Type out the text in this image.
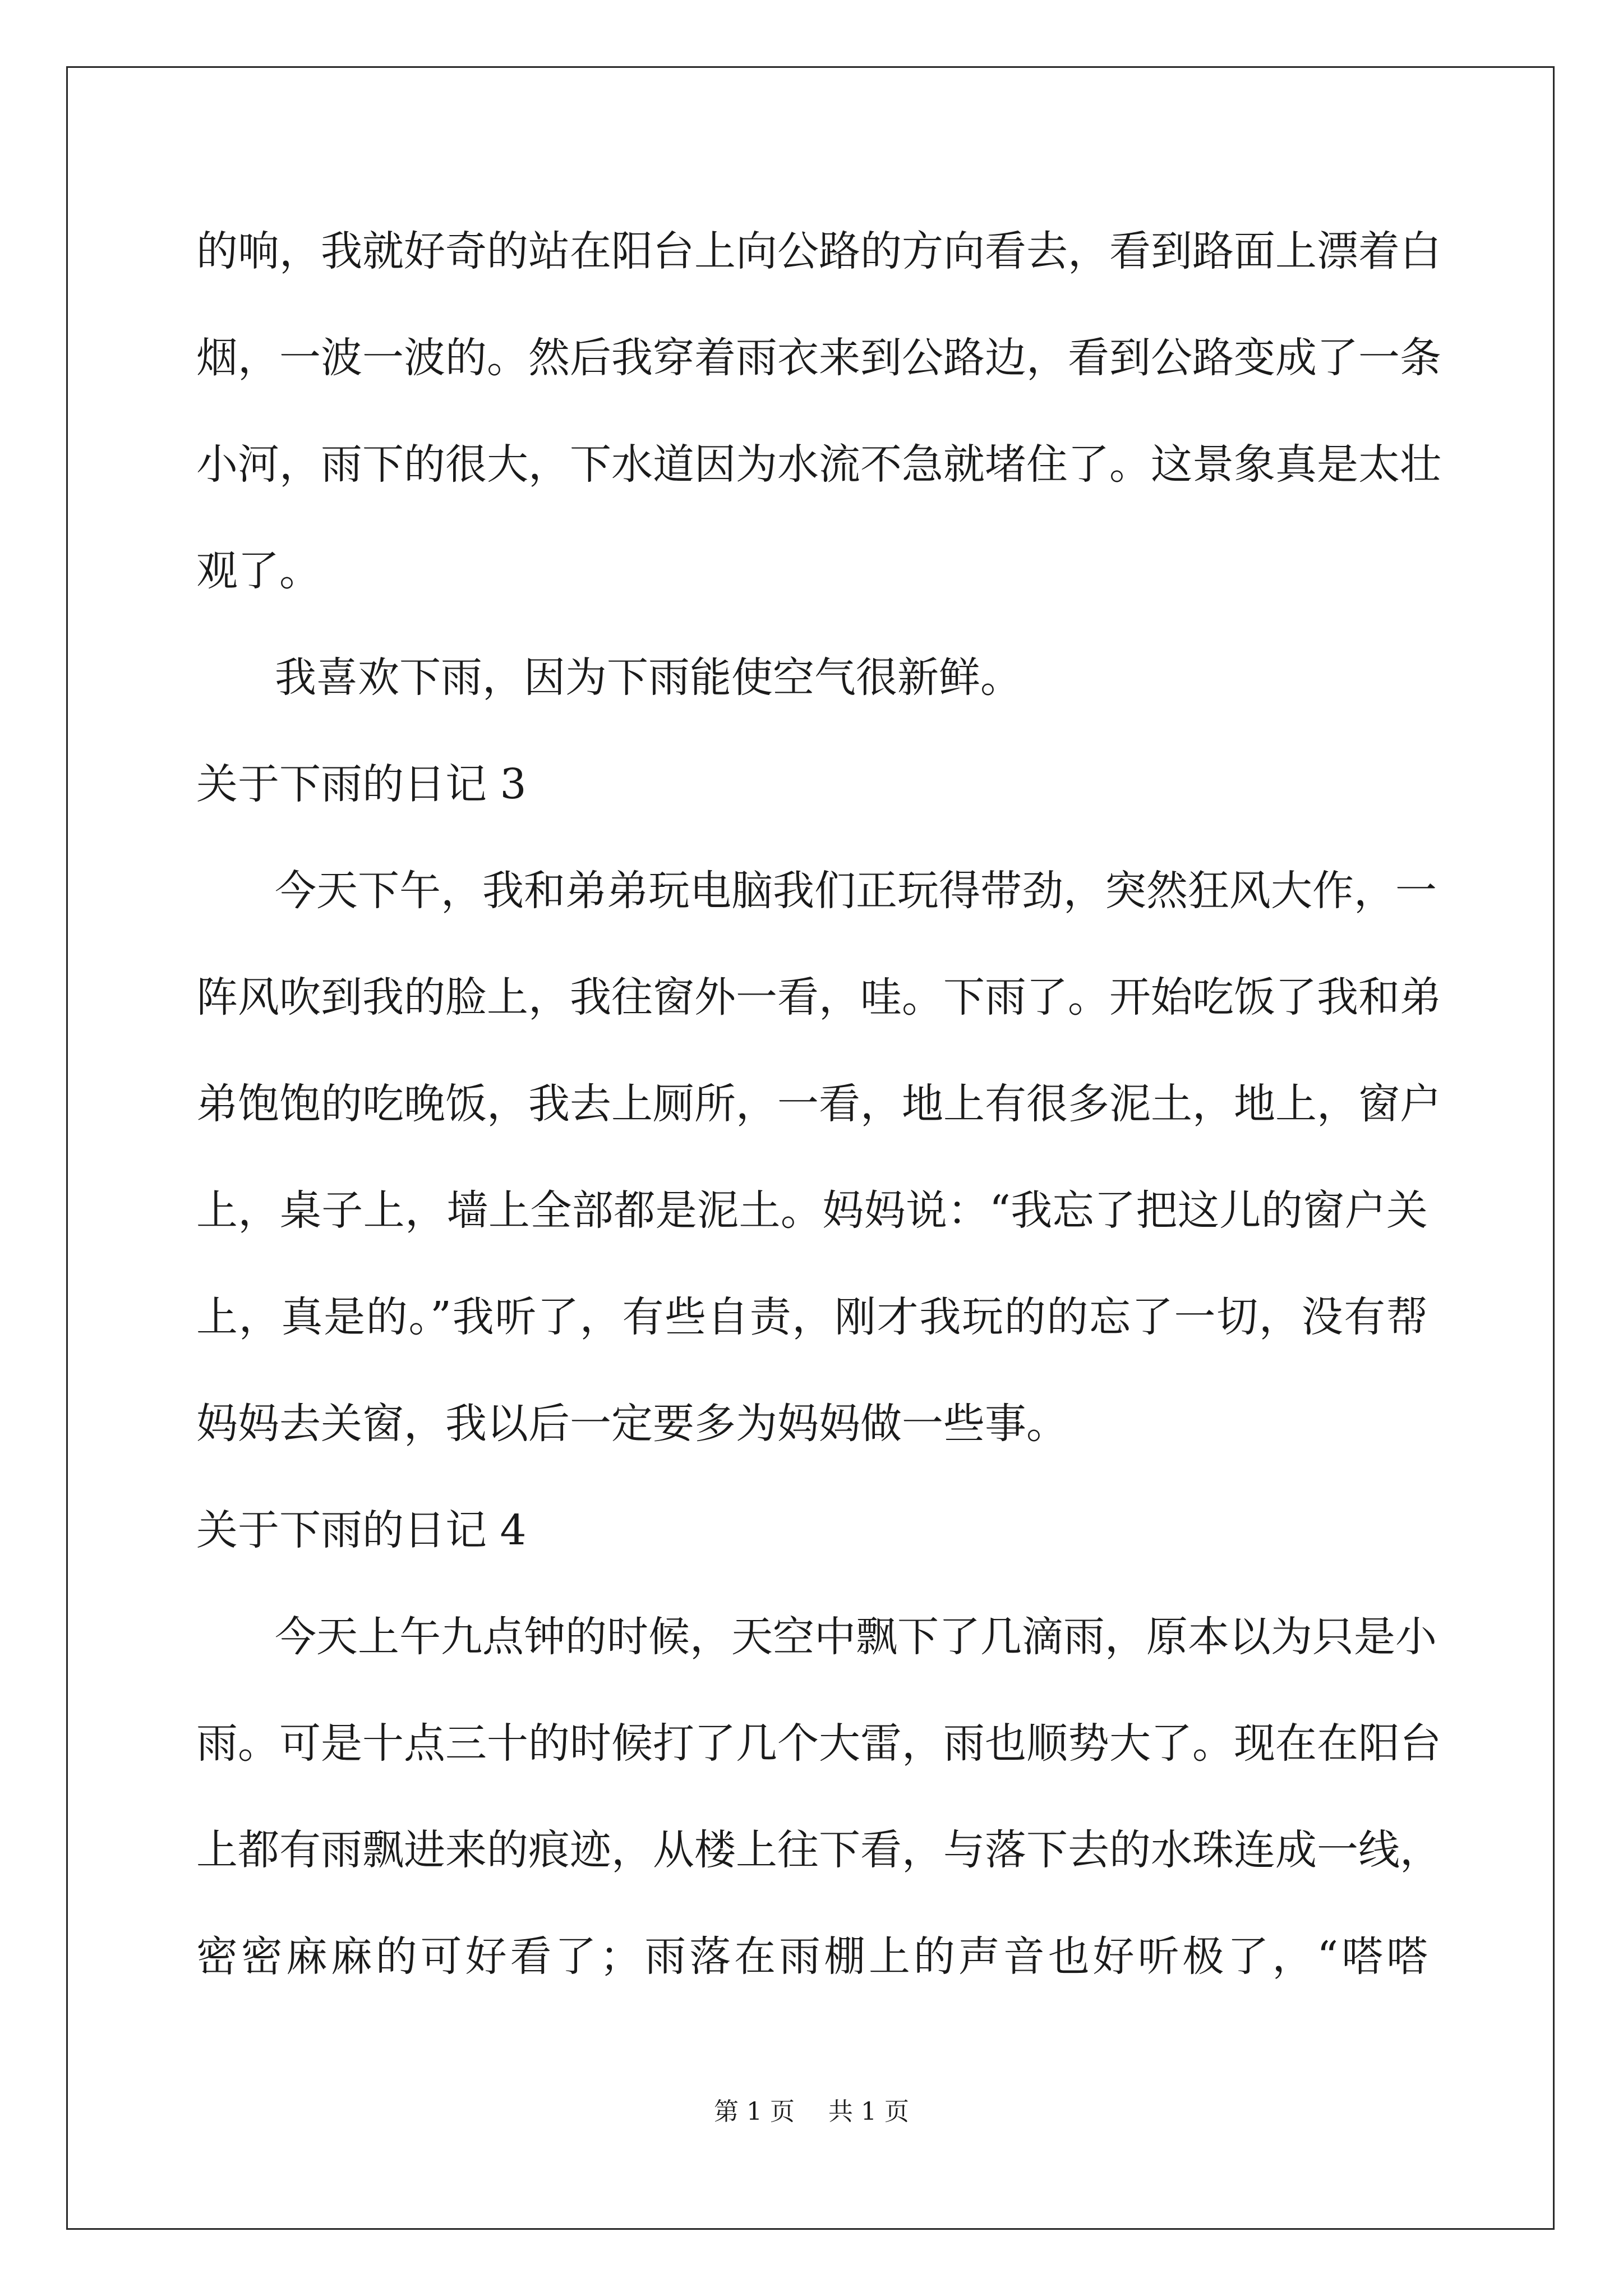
的响，我就好奇的站在阳台上向公路的方向看去，看到路面上漂着白
烟，一波一波的。然后我穿着雨衣来到公路边，看到公路变成了一条
小河，雨下的很大，下水道因为水流不急就堵住了。这景象真是太壮
观了。
我喜欢下雨，因为下雨能使空气很新鲜。
关于下雨的日记 3
今天下午，我和弟弟玩电脑我们正玩得带劲，突然狂风大作，一
阵风吹到我的脸上，我往窗外一看，哇。下雨了。开始吃饭了我和弟
弟饱饱的吃晚饭，我去上厕所，一看，地上有很多泥土，地上，窗户
上，桌子上，墙上全部都是泥土。妈妈说：“我忘了把这儿的窗户关
上，真是的。”我听了，有些自责，刚才我玩的的忘了一切，没有帮
妈妈去关窗，我以后一定要多为妈妈做一些事。
关于下雨的日记 4
今天上午九点钟的时候，天空中飘下了几滴雨，原本以为只是小
雨。可是十点三十的时候打了几个大雷，雨也顺势大了。现在在阳台
上都有雨飘进来的痕迹，从楼上往下看，与落下去的水珠连成一线，
密密麻麻的可好看了；雨落在雨棚上的声音也好听极了，“嗒嗒
第 1 页 共 1 页
